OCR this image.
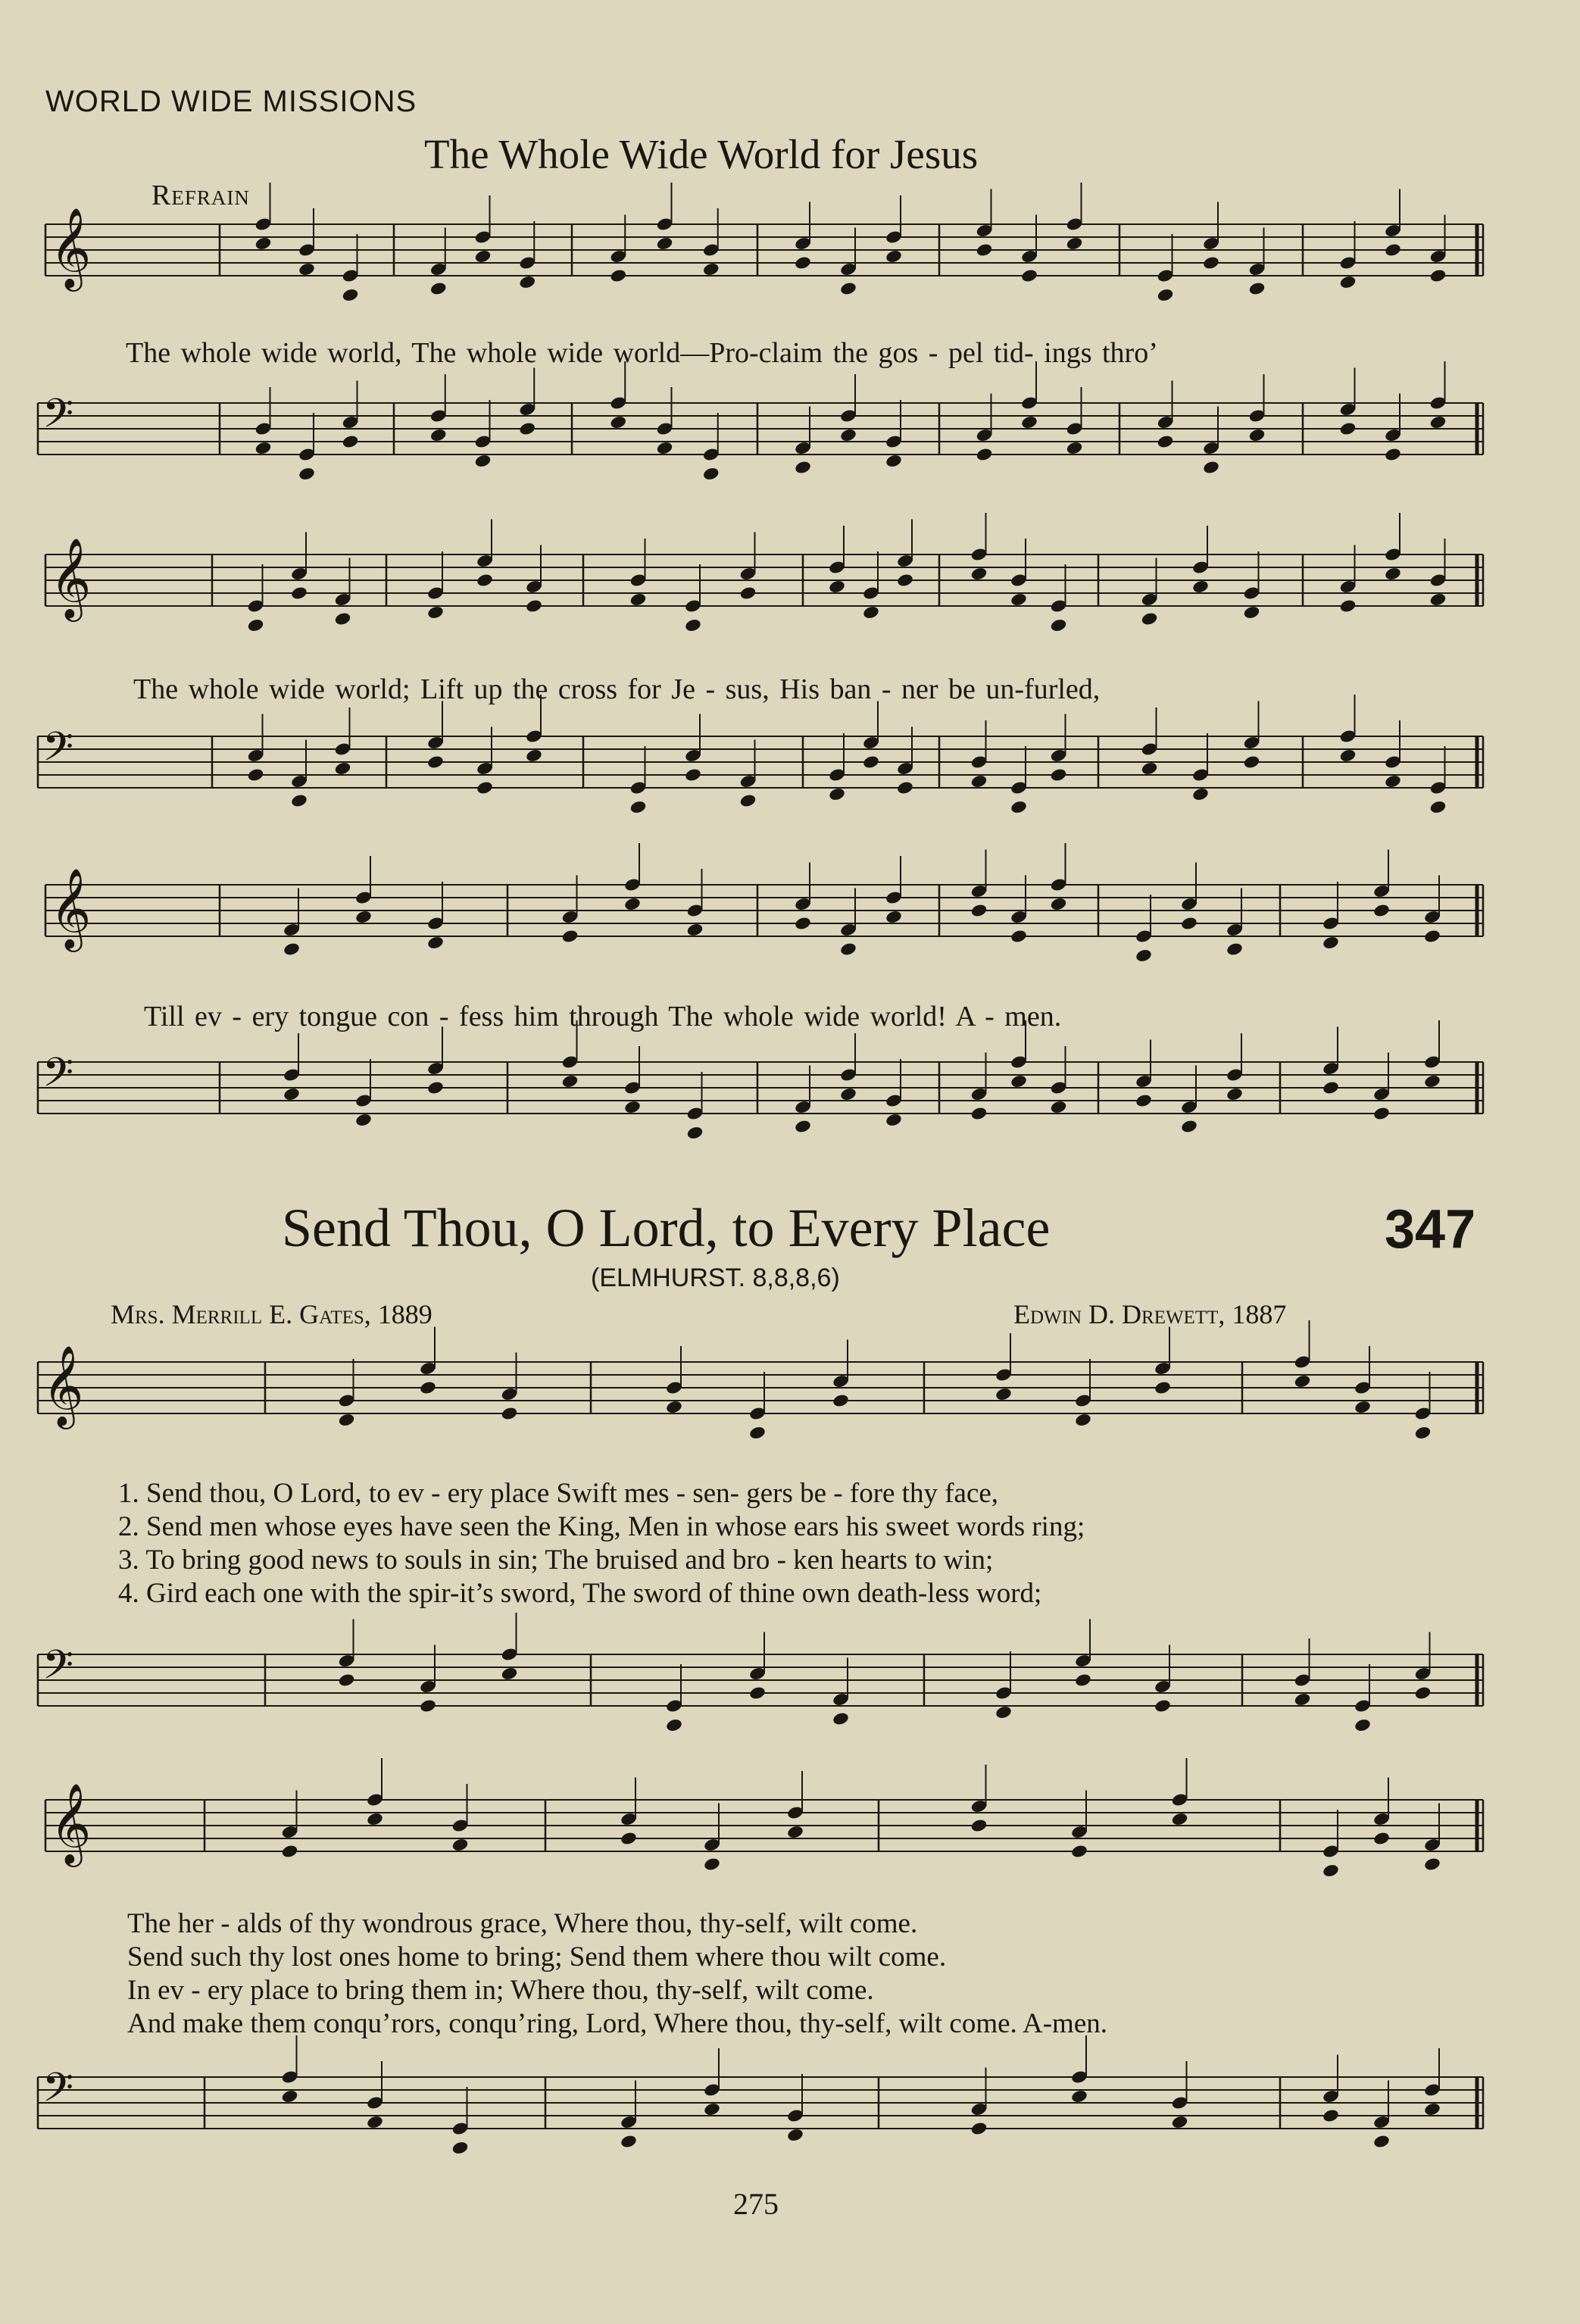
𝄞
𝄢
𝄞
𝄢
𝄞
𝄢
𝄞
𝄢
𝄞
𝄢
WORLD WIDE MISSIONS
The Whole Wide World for Jesus
Refrain
The whole wide world, The whole wide world—Pro-claim the gos - pel tid- ings thro’
The whole wide world; Lift up the cross for Je - sus, His ban - ner be un-furled,
Till ev - ery tongue con - fess him through The whole wide world! A - men.
Send Thou, O Lord, to Every Place	347
(ELMHURST. 8,8,8,6)
Mrs. Merrill E. Gates, 1889	Edwin D. Drewett, 1887
1. Send thou, O Lord, to ev - ery place Swift mes - sen- gers be - fore thy face,
2. Send men whose eyes have seen the King, Men in whose ears his sweet words ring;
3. To bring good news to souls in sin; The bruised and bro - ken hearts to win;
4. Gird each one with the spir-it’s sword, The sword of thine own death-less word;
The her - alds of thy wondrous grace, Where thou, thy-self, wilt come.
Send such thy lost ones home to bring; Send them where thou wilt come.
In ev - ery place to bring them in; Where thou, thy-self, wilt come.
And make them conqu’rors, conqu’ring, Lord, Where thou, thy-self, wilt come. A-men.
275
